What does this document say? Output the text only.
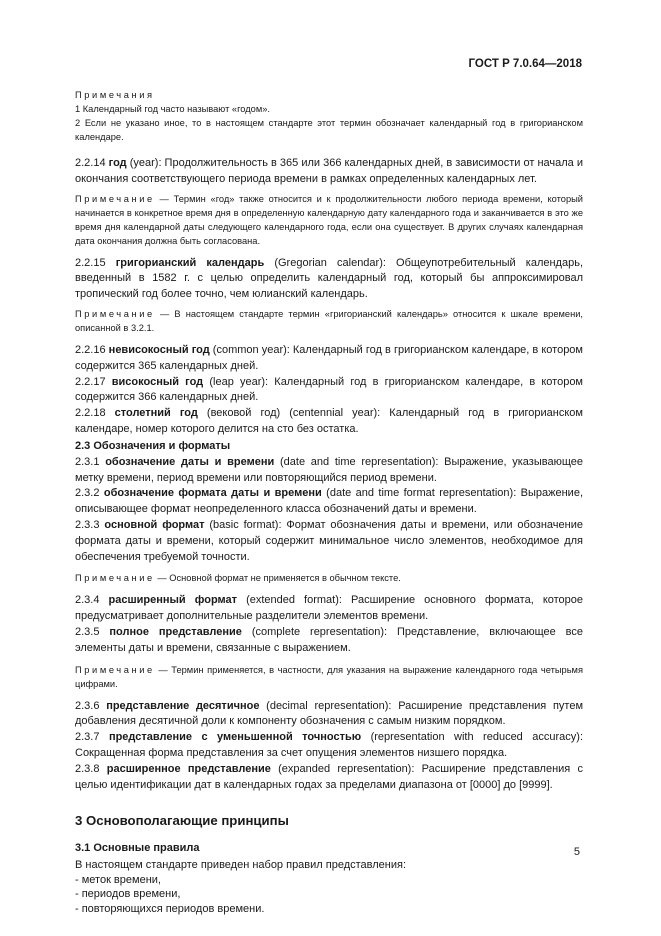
ГОСТ Р 7.0.64—2018

Примечания

1 Календарный год часто называют «годом».

2 Если не указано иное, то в настоящем стандарте этот термин обозначает календарный год в григорианском календаре.

2.2.14 год (year): Продолжительность в 365 или 366 календарных дней, в зависимости от начала и окончания соответствующего периода времени в рамках определенных календарных лет.

Примечание — Термин «год» также относится и к продолжительности любого периода времени, который начинается в конкретное время дня в определенную календарную дату календарного года и заканчивается в это же время дня календарной даты следующего календарного года, если она существует. В других случаях календарная дата окончания должна быть согласована.

2.2.15 григорианский календарь (Gregorian calendar): Общеупотребительный календарь, введенный в 1582 г. с целью определить календарный год, который бы аппроксимировал тропический год более точно, чем юлианский календарь.

Примечание — В настоящем стандарте термин «григорианский календарь» относится к шкале времени, описанной в 3.2.1.

2.2.16 невисокосный год (common year): Календарный год в григорианском календаре, в котором содержится 365 календарных дней.

2.2.17 високосный год (leap year): Календарный год в григорианском календаре, в котором содержится 366 календарных дней.

2.2.18 столетний год (вековой год) (centennial year): Календарный год в григорианском календаре, номер которого делится на сто без остатка.

2.3 Обозначения и форматы

2.3.1 обозначение даты и времени (date and time representation): Выражение, указывающее метку времени, период времени или повторяющийся период времени.

2.3.2 обозначение формата даты и времени (date and time format representation): Выражение, описывающее формат неопределенного класса обозначений даты и времени.

2.3.3 основной формат (basic format): Формат обозначения даты и времени, или обозначение формата даты и времени, который содержит минимальное число элементов, необходимое для обеспечения требуемой точности.

Примечание — Основной формат не применяется в обычном тексте.

2.3.4 расширенный формат (extended format): Расширение основного формата, которое предусматривает дополнительные разделители элементов времени.

2.3.5 полное представление (complete representation): Представление, включающее все элементы даты и времени, связанные с выражением.

Примечание — Термин применяется, в частности, для указания на выражение календарного года четырьмя цифрами.

2.3.6 представление десятичное (decimal representation): Расширение представления путем добавления десятичной доли к компоненту обозначения с самым низким порядком.

2.3.7 представление с уменьшенной точностью (representation with reduced accuracy): Сокращенная форма представления за счет опущения элементов низшего порядка.

2.3.8 расширенное представление (expanded representation): Расширение представления с целью идентификации дат в календарных годах за пределами диапазона от [0000] до [9999].

3 Основополагающие принципы

3.1 Основные правила

В настоящем стандарте приведен набор правил представления:

- меток времени,

- периодов времени,

- повторяющихся периодов времени.

5
